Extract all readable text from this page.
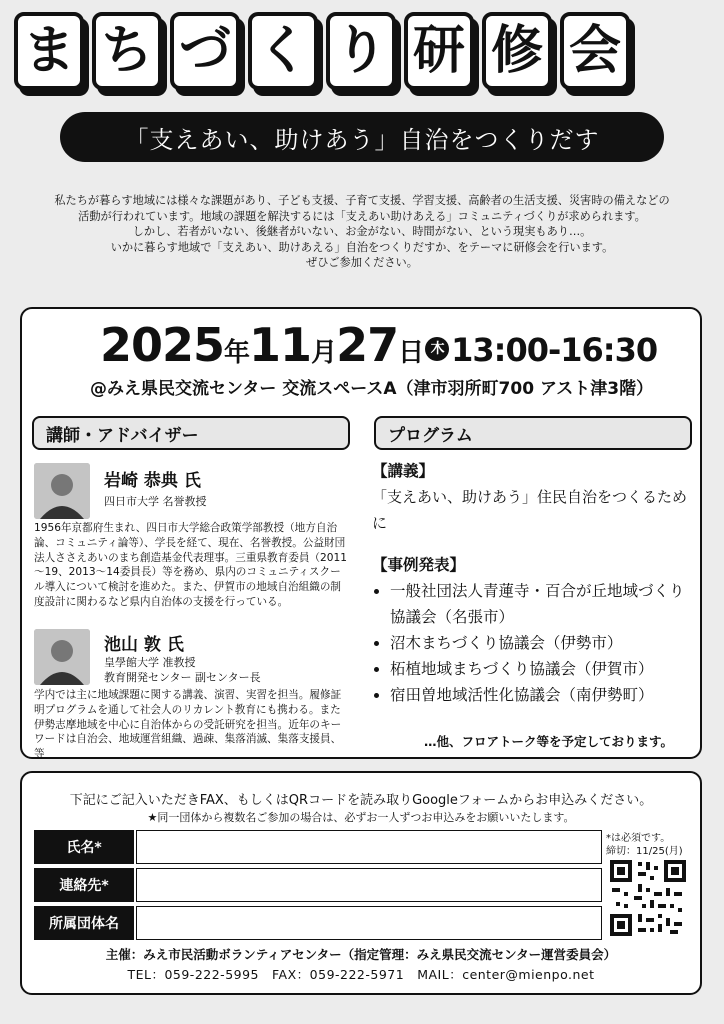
ま ち づ く り 研 修 会
「支えあい、助けあう」自治をつくりだす

私たちが暮らす地域には様々な課題があり、子ども支援、子育て支援、学習支援、高齢者の生活支援、災害時の備えなどの

活動が行われています。地域の課題を解決するには「支えあい助けあえる」コミュニティづくりが求められます。

しかし、若者がいない、後継者がいない、お金がない、時間がない、という現実もあり…。

いかに暮らす地域で「支えあい、助けあえる」自治をつくりだすか、をテーマに研修会を行います。

ぜひご参加ください。

2025年11月27日 木 13:00-16:30
@みえ県民交流センター 交流スペースA（津市羽所町700 アスト津3階）
講師・アドバイザー
岩崎 恭典 氏
四日市大学 名誉教授
1956年京都府生まれ、四日市大学総合政策学部教授（地方自治論、コミュニティ論等）、学長を経て、現在、名誉教授。公益財団法人ささえあいのまち創造基金代表理事。三重県教育委員（2011～19、2013～14委員長）等を務め、県内のコミュニティスクール導入について検討を進めた。また、伊賀市の地域自治組織の制度設計に関わるなど県内自治体の支援を行っている。
池山 敦 氏
皇學館大学 准教授
教育開発センター 副センター長
学内では主に地域課題に関する講義、演習、実習を担当。履修証明プログラムを通して社会人のリカレント教育にも携わる。また伊勢志摩地域を中心に自治体からの受託研究を担当。近年のキーワードは自治会、地域運営組織、過疎、集落消滅、集落支援員、等
プログラム
【講義】
「支えあい、助けあう」住民自治をつくるために
【事例発表】
• 一般社団法人青蓮寺・百合が丘地域づくり協議会（名張市）
• 沼木まちづくり協議会（伊勢市）
• 柘植地域まちづくり協議会（伊賀市）
• 宿田曽地域活性化協議会（南伊勢町）
…他、フロアトーク等を予定しております。
下記にご記入いただきFAX、もしくはQRコードを読み取りGoogleフォームからお申込みください。
★同一団体から複数名ご参加の場合は、必ずお一人ずつお申込みをお願いいたします。
氏名*
連絡先*
所属団体名
*は必須です。
締切：11/25(月)
主催：みえ市民活動ボランティアセンター（指定管理：みえ県民交流センター運営委員会）
TEL：059-222-5995　FAX：059-222-5971　MAIL：center@mienpo.net
